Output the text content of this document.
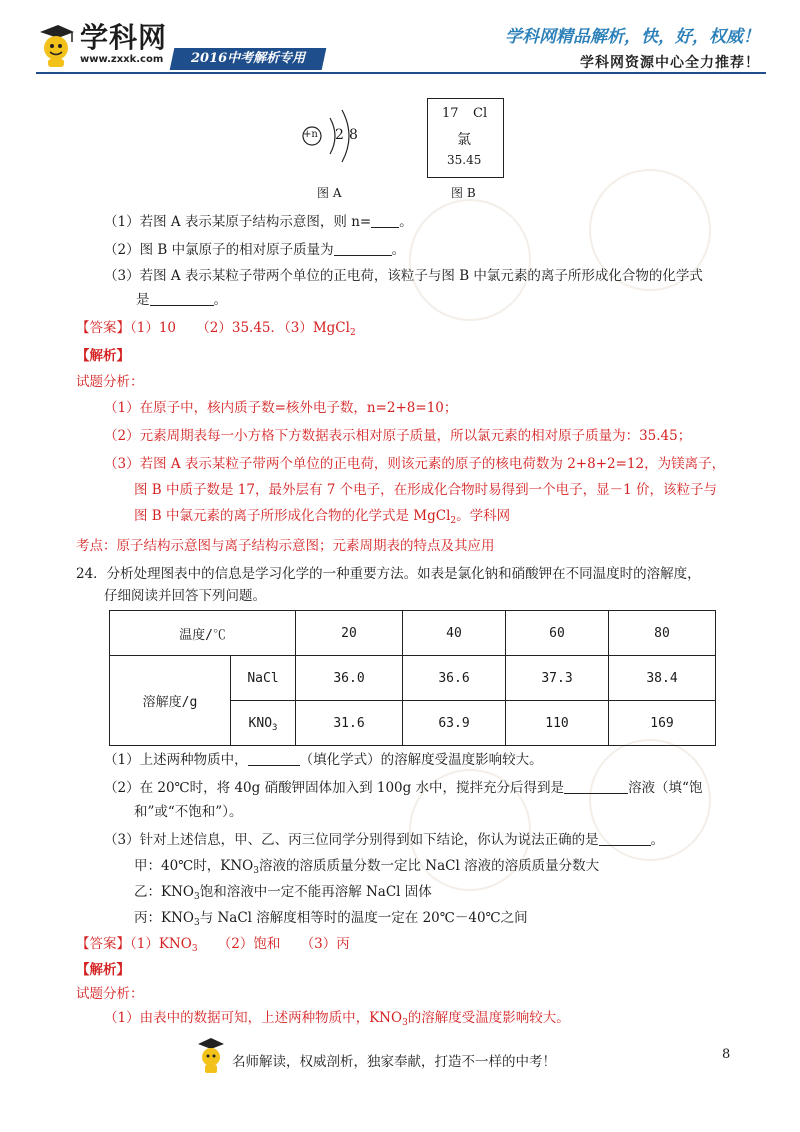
学科网
www.zxxk.com	2016中考解析专用
学科网精品解析，快，好，权威！
学科网资源中心全力推荐！
+n 2 8
图 A
17 Cl
氯
35.45
图 B
（1）若图 A 表示某原子结构示意图，则 n= 。
（2）图 B 中氯原子的相对原子质量为	。
（3）若图 A 表示某粒子带两个单位的正电荷，该粒子与图 B 中氯元素的离子所形成化合物的化学式
是	。
【答案】（1）10　　（2）35.45．（3）MgCl$_2$
【解析】
试题分析：
（1）在原子中，核内质子数=核外电子数，n=2+8=10；
（2）元素周期表每一小方格下方数据表示相对原子质量，所以氯元素的相对原子质量为：35.45；
（3）若图 A 表示某粒子带两个单位的正电荷，则该元素的原子的核电荷数为 2+8+2=12，为镁离子，
图 B 中质子数是 17，最外层有 7 个电子，在形成化合物时易得到一个电子，显－1 价，该粒子与
图 B 中氯元素的离子所形成化合物的化学式是 MgCl$_2$。学科网
考点：原子结构示意图与离子结构示意图；元素周期表的特点及其应用
24．分析处理图表中的信息是学习化学的一种重要方法。如表是氯化钠和硝酸钾在不同温度时的溶解度，
仔细阅读并回答下列问题。
温度/℃		20	40	60	80
溶解度/g	NaCl	36.0	36.6	37.3	38.4
	$KNO_3$	31.6	63.9	110	169
（1）上述两种物质中，	（填化学式）的溶解度受温度影响较大。
（2）在 20℃时，将 40g 硝酸钾固体加入到 100g 水中，搅拌充分后得到是	溶液（填“饱
和”或“不饱和”）。
（3）针对上述信息，甲、乙、丙三位同学分别得到如下结论，你认为说法正确的是	。
甲：40℃时，$KNO_3$溶液的溶质质量分数一定比 NaCl 溶液的溶质质量分数大
乙：$KNO_3$饱和溶液中一定不能再溶解 NaCl 固体
丙：$KNO_3$与 NaCl 溶解度相等时的温度一定在 20℃－40℃之间
【答案】$(1)KNO_3$　　（2）饱和　　（3）丙
【解析】
试题分析：
（1）由表中的数据可知，上述两种物质中，$KNO_3$的溶解度受温度影响较大。
名师解读，权威剖析，独家奉献，打造不一样的中考！	8
